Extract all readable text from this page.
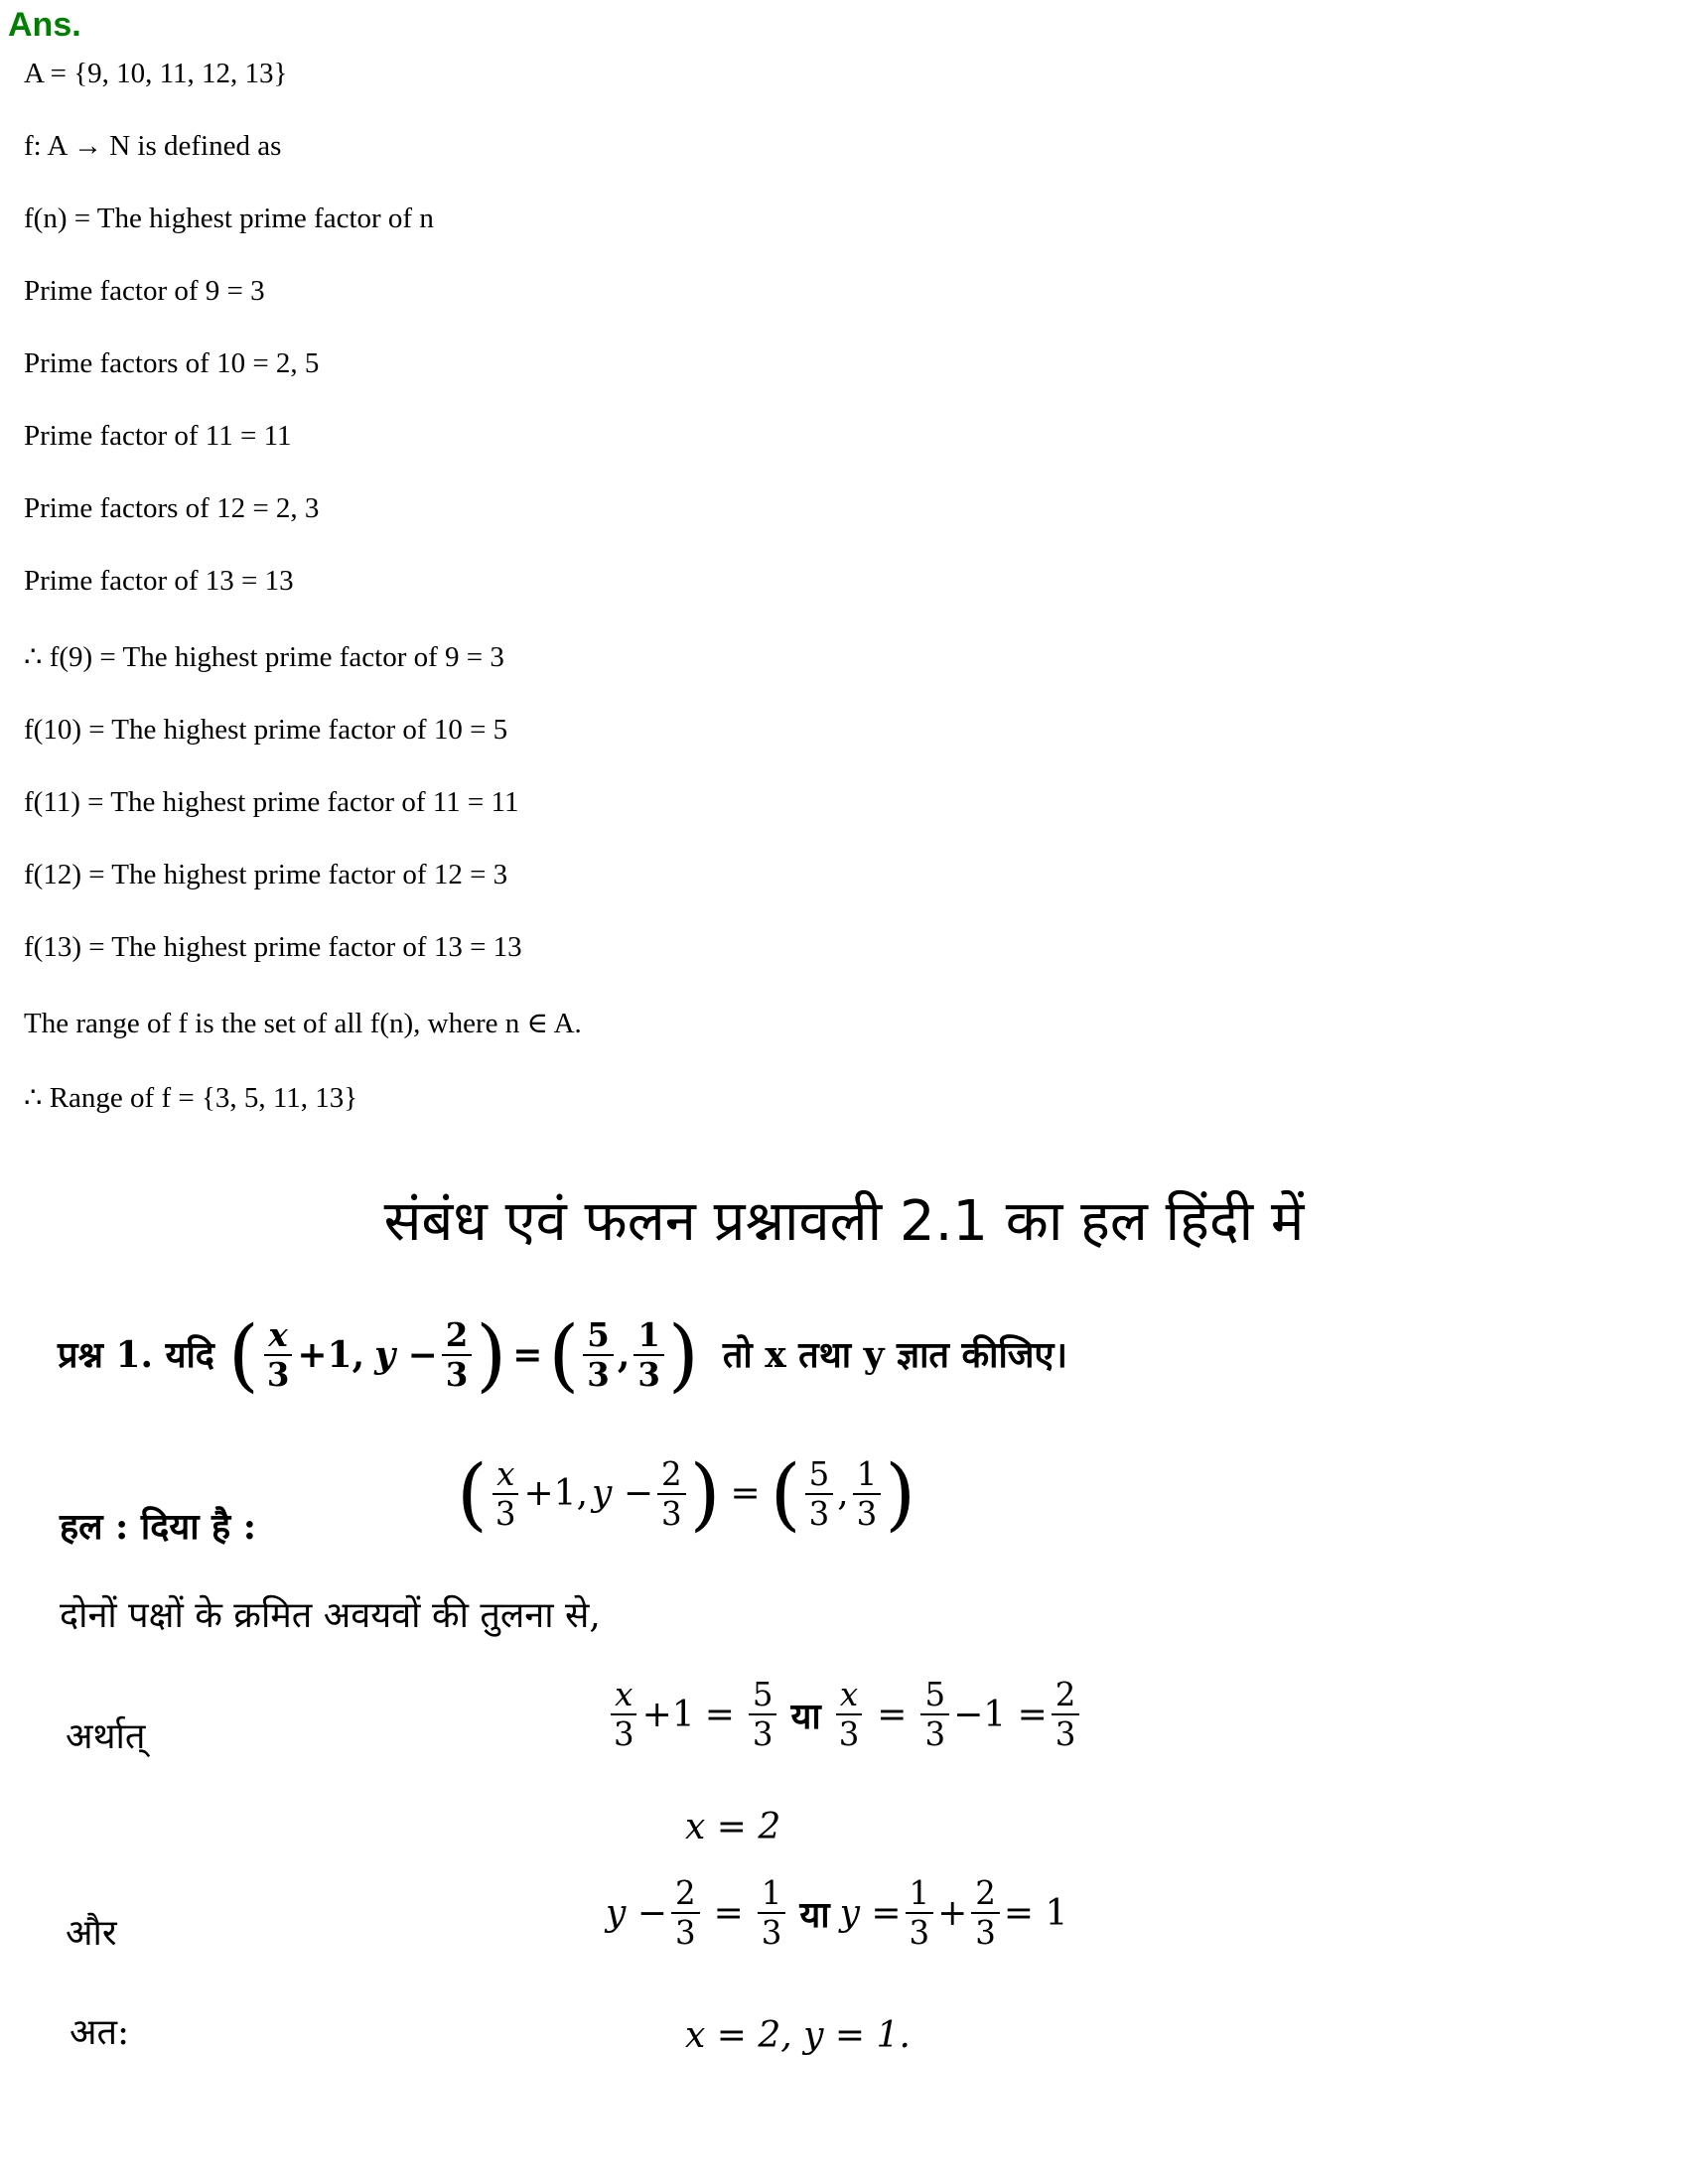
Ans.
A = {9, 10, 11, 12, 13}
f: A → N is defined as
f(n) = The highest prime factor of n
Prime factor of 9 = 3
Prime factors of 10 = 2, 5
Prime factor of 11 = 11
Prime factors of 12 = 2, 3
Prime factor of 13 = 13
∴ f(9) = The highest prime factor of 9 = 3
f(10) = The highest prime factor of 10 = 5
f(11) = The highest prime factor of 11 = 11
f(12) = The highest prime factor of 12 = 3
f(13) = The highest prime factor of 13 = 13
The range of f is the set of all f(n), where n ∈ A.
∴ Range of f = {3, 5, 11, 13}
संबंध एवं फलन प्रश्नावली 2.1 का हल हिंदी में
प्रश्न 1. यदि ( $\frac{x}{3} +1$, $y - \frac{2}{3}$ ) = ( $\frac{5}{3}$ , $\frac{1}{3}$ ) तो x तथा y ज्ञात कीजिए।
हल : दिया है :	( $\frac{x}{3} +1$, $y - \frac{2}{3}$ ) = ( $\frac{5}{3}$ , $\frac{1}{3}$ )
दोनों पक्षों के क्रमित अवयवों की तुलना से,
अर्थात्	$\frac{x}{3} +1 = \frac{5}{3}$ या $\frac{x}{3} = \frac{5}{3} -1 = \frac{2}{3}$
x = 2
और	$y - \frac{2}{3} = \frac{1}{3}$ या $y = \frac{1}{3} + \frac{2}{3} = 1$
अत:	x = 2, y = 1.
